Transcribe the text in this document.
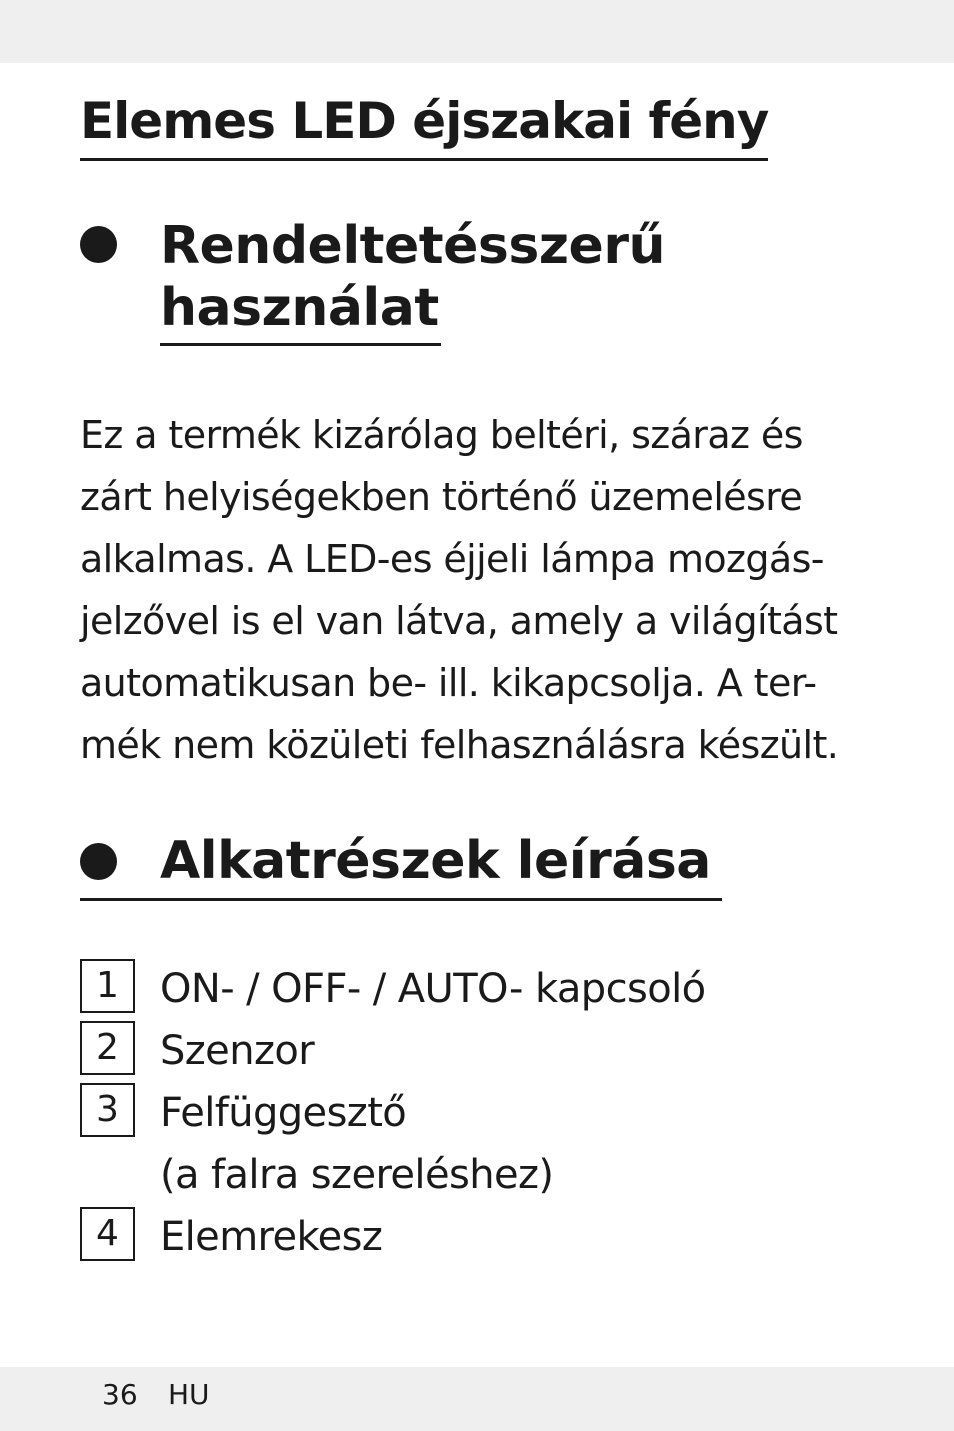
Elemes LED éjszakai fény
Rendeltetésszerű
használat

Ez a termék kizárólag beltéri, száraz és
zárt helyiségekben történő üzemelésre
alkalmas. A LED-es éjjeli lámpa mozgás-
jelzővel is el van látva, amely a világítást
automatikusan be- ill. kikapcsolja. A ter-
mék nem közületi felhasználásra készült.

Alkatrészek leírása
1	ON- / OFF- / AUTO- kapcsoló
2	Szenzor
3	Felfüggesztő
(a falra szereléshez)
4	Elemrekesz
36 HU
